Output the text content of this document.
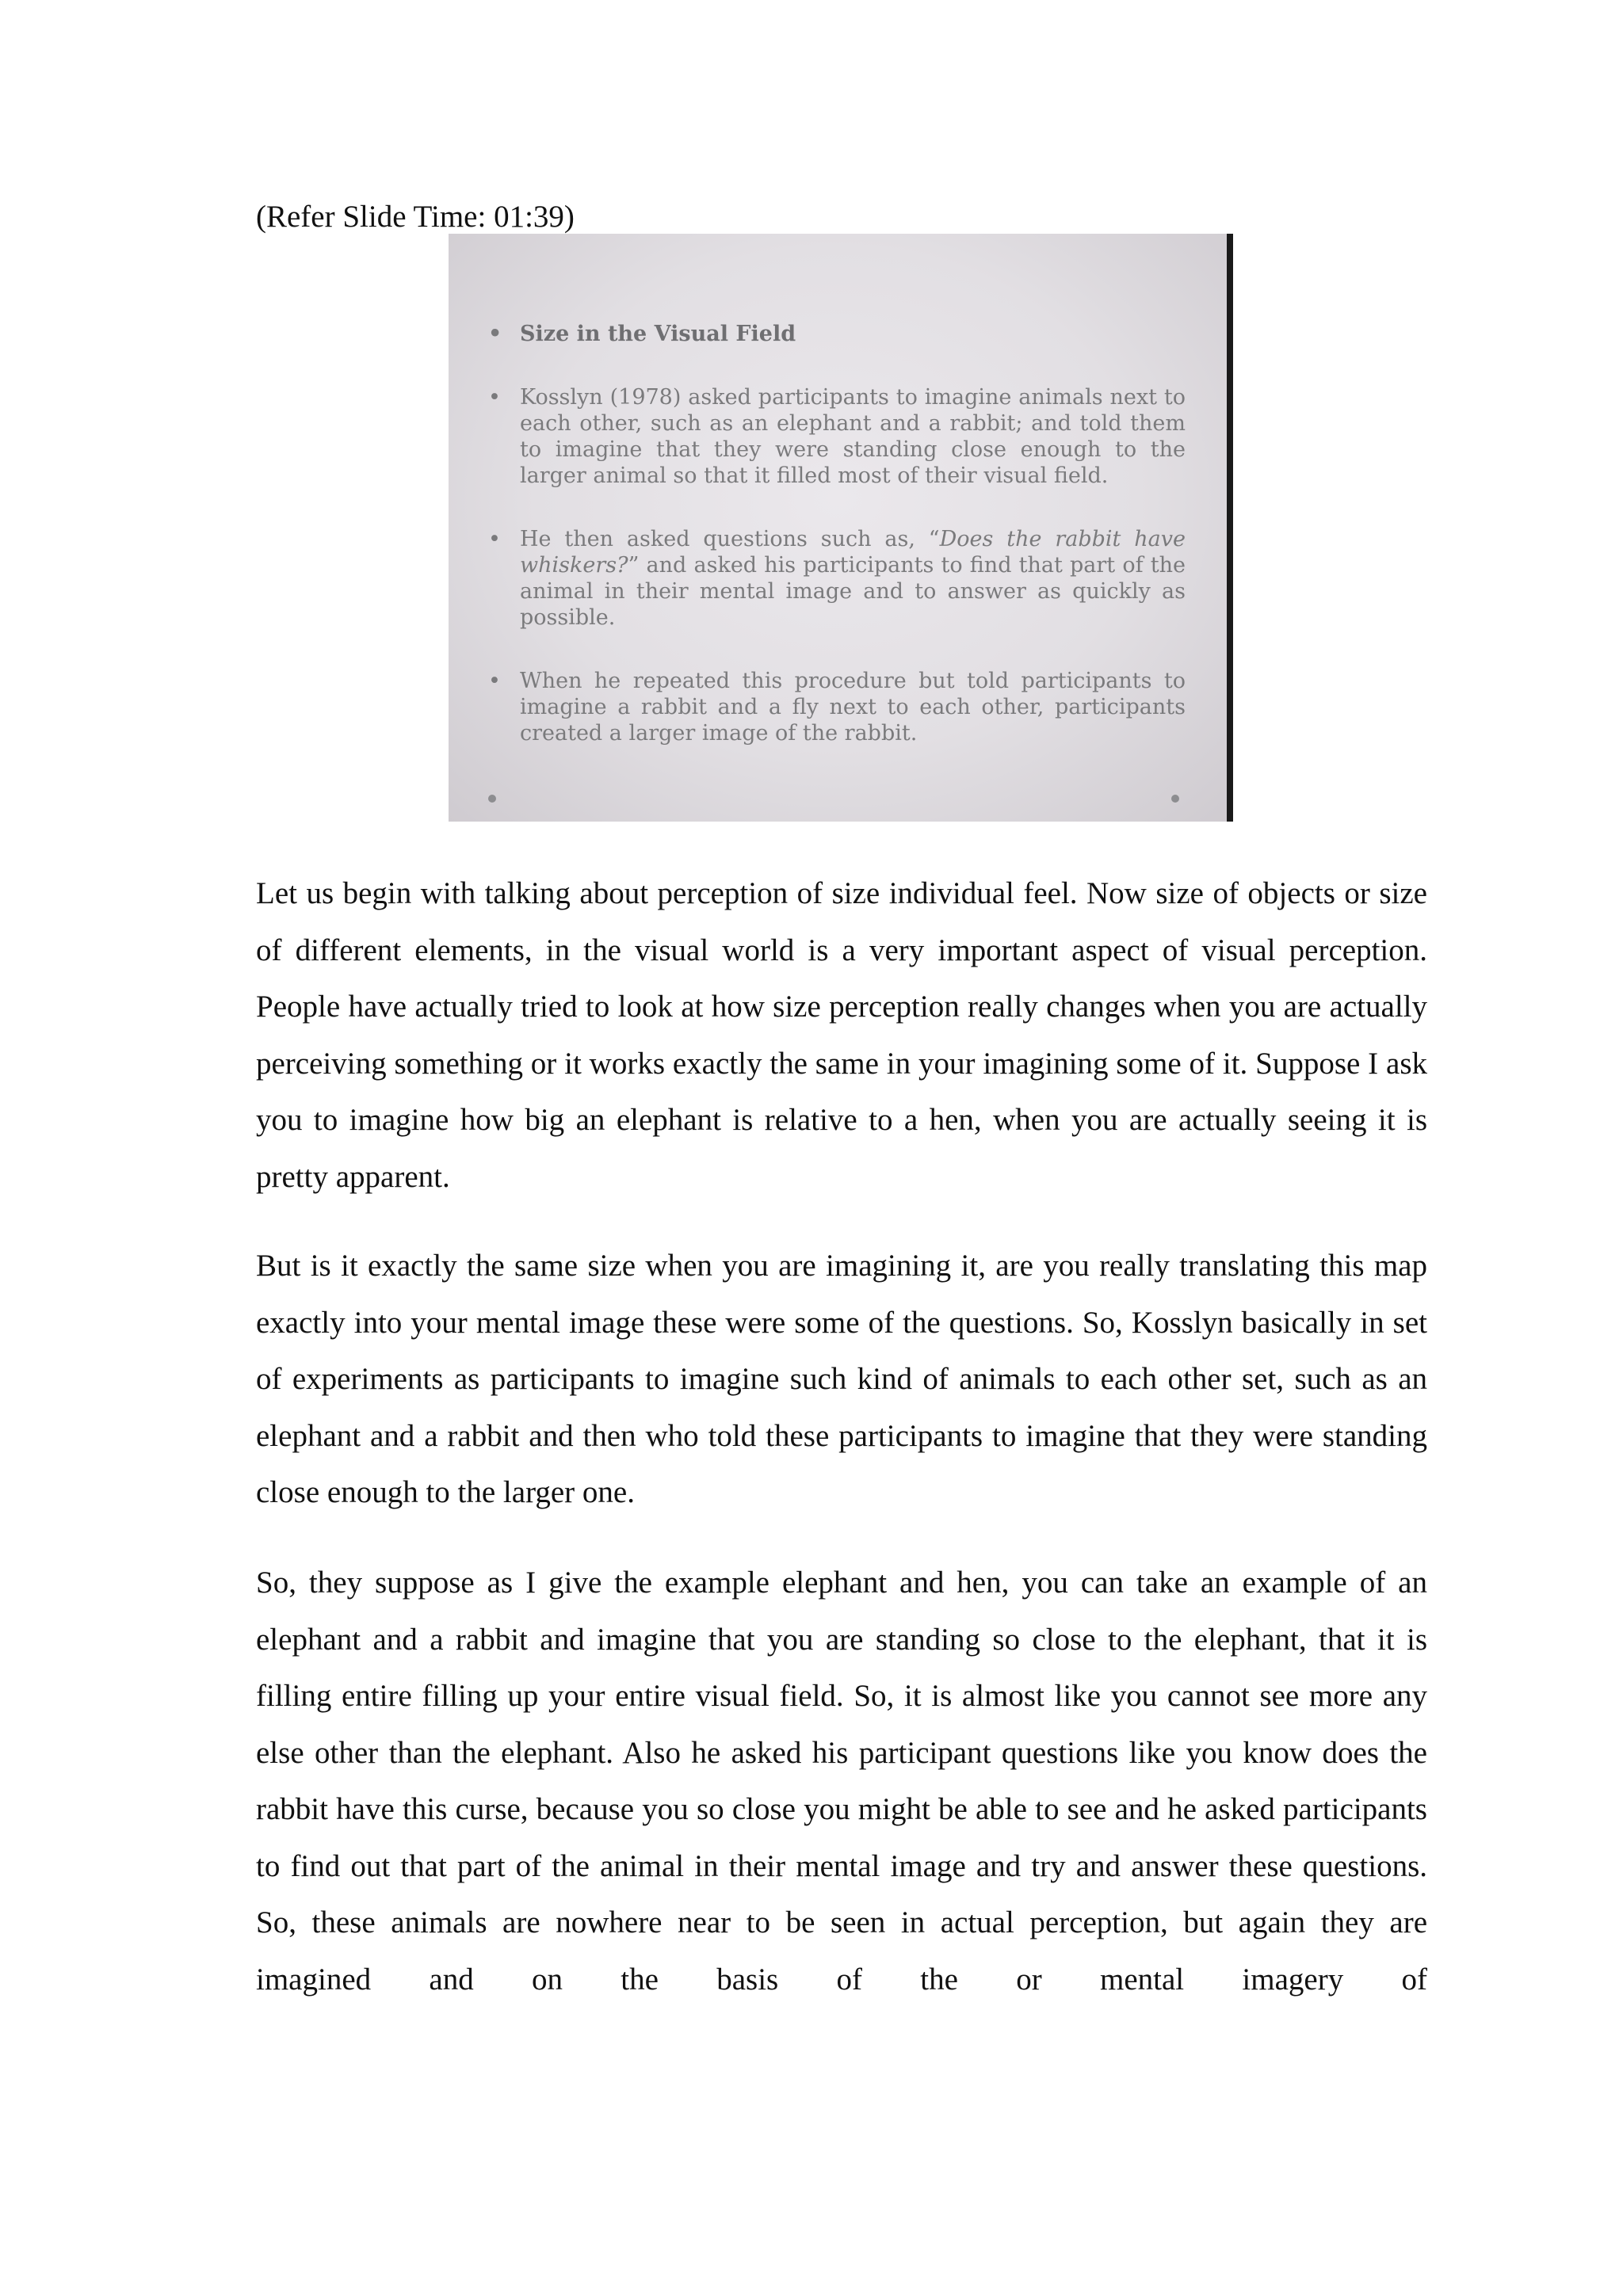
(Refer Slide Time: 01:39)

• Size in the Visual Field
• Kosslyn (1978) asked participants to imagine animals next to each other, such as an elephant and a rabbit; and told them to imagine that they were standing close enough to the larger animal so that it filled most of their visual field.
• He then asked questions such as, “Does the rabbit have whiskers?” and asked his participants to find that part of the animal in their mental image and to answer as quickly as possible.
• When he repeated this procedure but told participants to imagine a rabbit and a fly next to each other, participants created a larger image of the rabbit.

Let us begin with talking about perception of size individual feel. Now size of objects or size of different elements, in the visual world is a very important aspect of visual perception. People have actually tried to look at how size perception really changes when you are actually perceiving something or it works exactly the same in your imagining some of it. Suppose I ask you to imagine how big an elephant is relative to a hen, when you are actually seeing it is pretty apparent.

But is it exactly the same size when you are imagining it, are you really translating this map exactly into your mental image these were some of the questions. So, Kosslyn basically in set of experiments as participants to imagine such kind of animals to each other set, such as an elephant and a rabbit and then who told these participants to imagine that they were standing close enough to the larger one.

So, they suppose as I give the example elephant and hen, you can take an example of an elephant and a rabbit and imagine that you are standing so close to the elephant, that it is filling entire filling up your entire visual field. So, it is almost like you cannot see more any else other than the elephant. Also he asked his participant questions like you know does the rabbit have this curse, because you so close you might be able to see and he asked participants to find out that part of the animal in their mental image and try and answer these questions. So, these animals are nowhere near to be seen in actual perception, but again they are imagined and on the basis of the or mental imagery of
